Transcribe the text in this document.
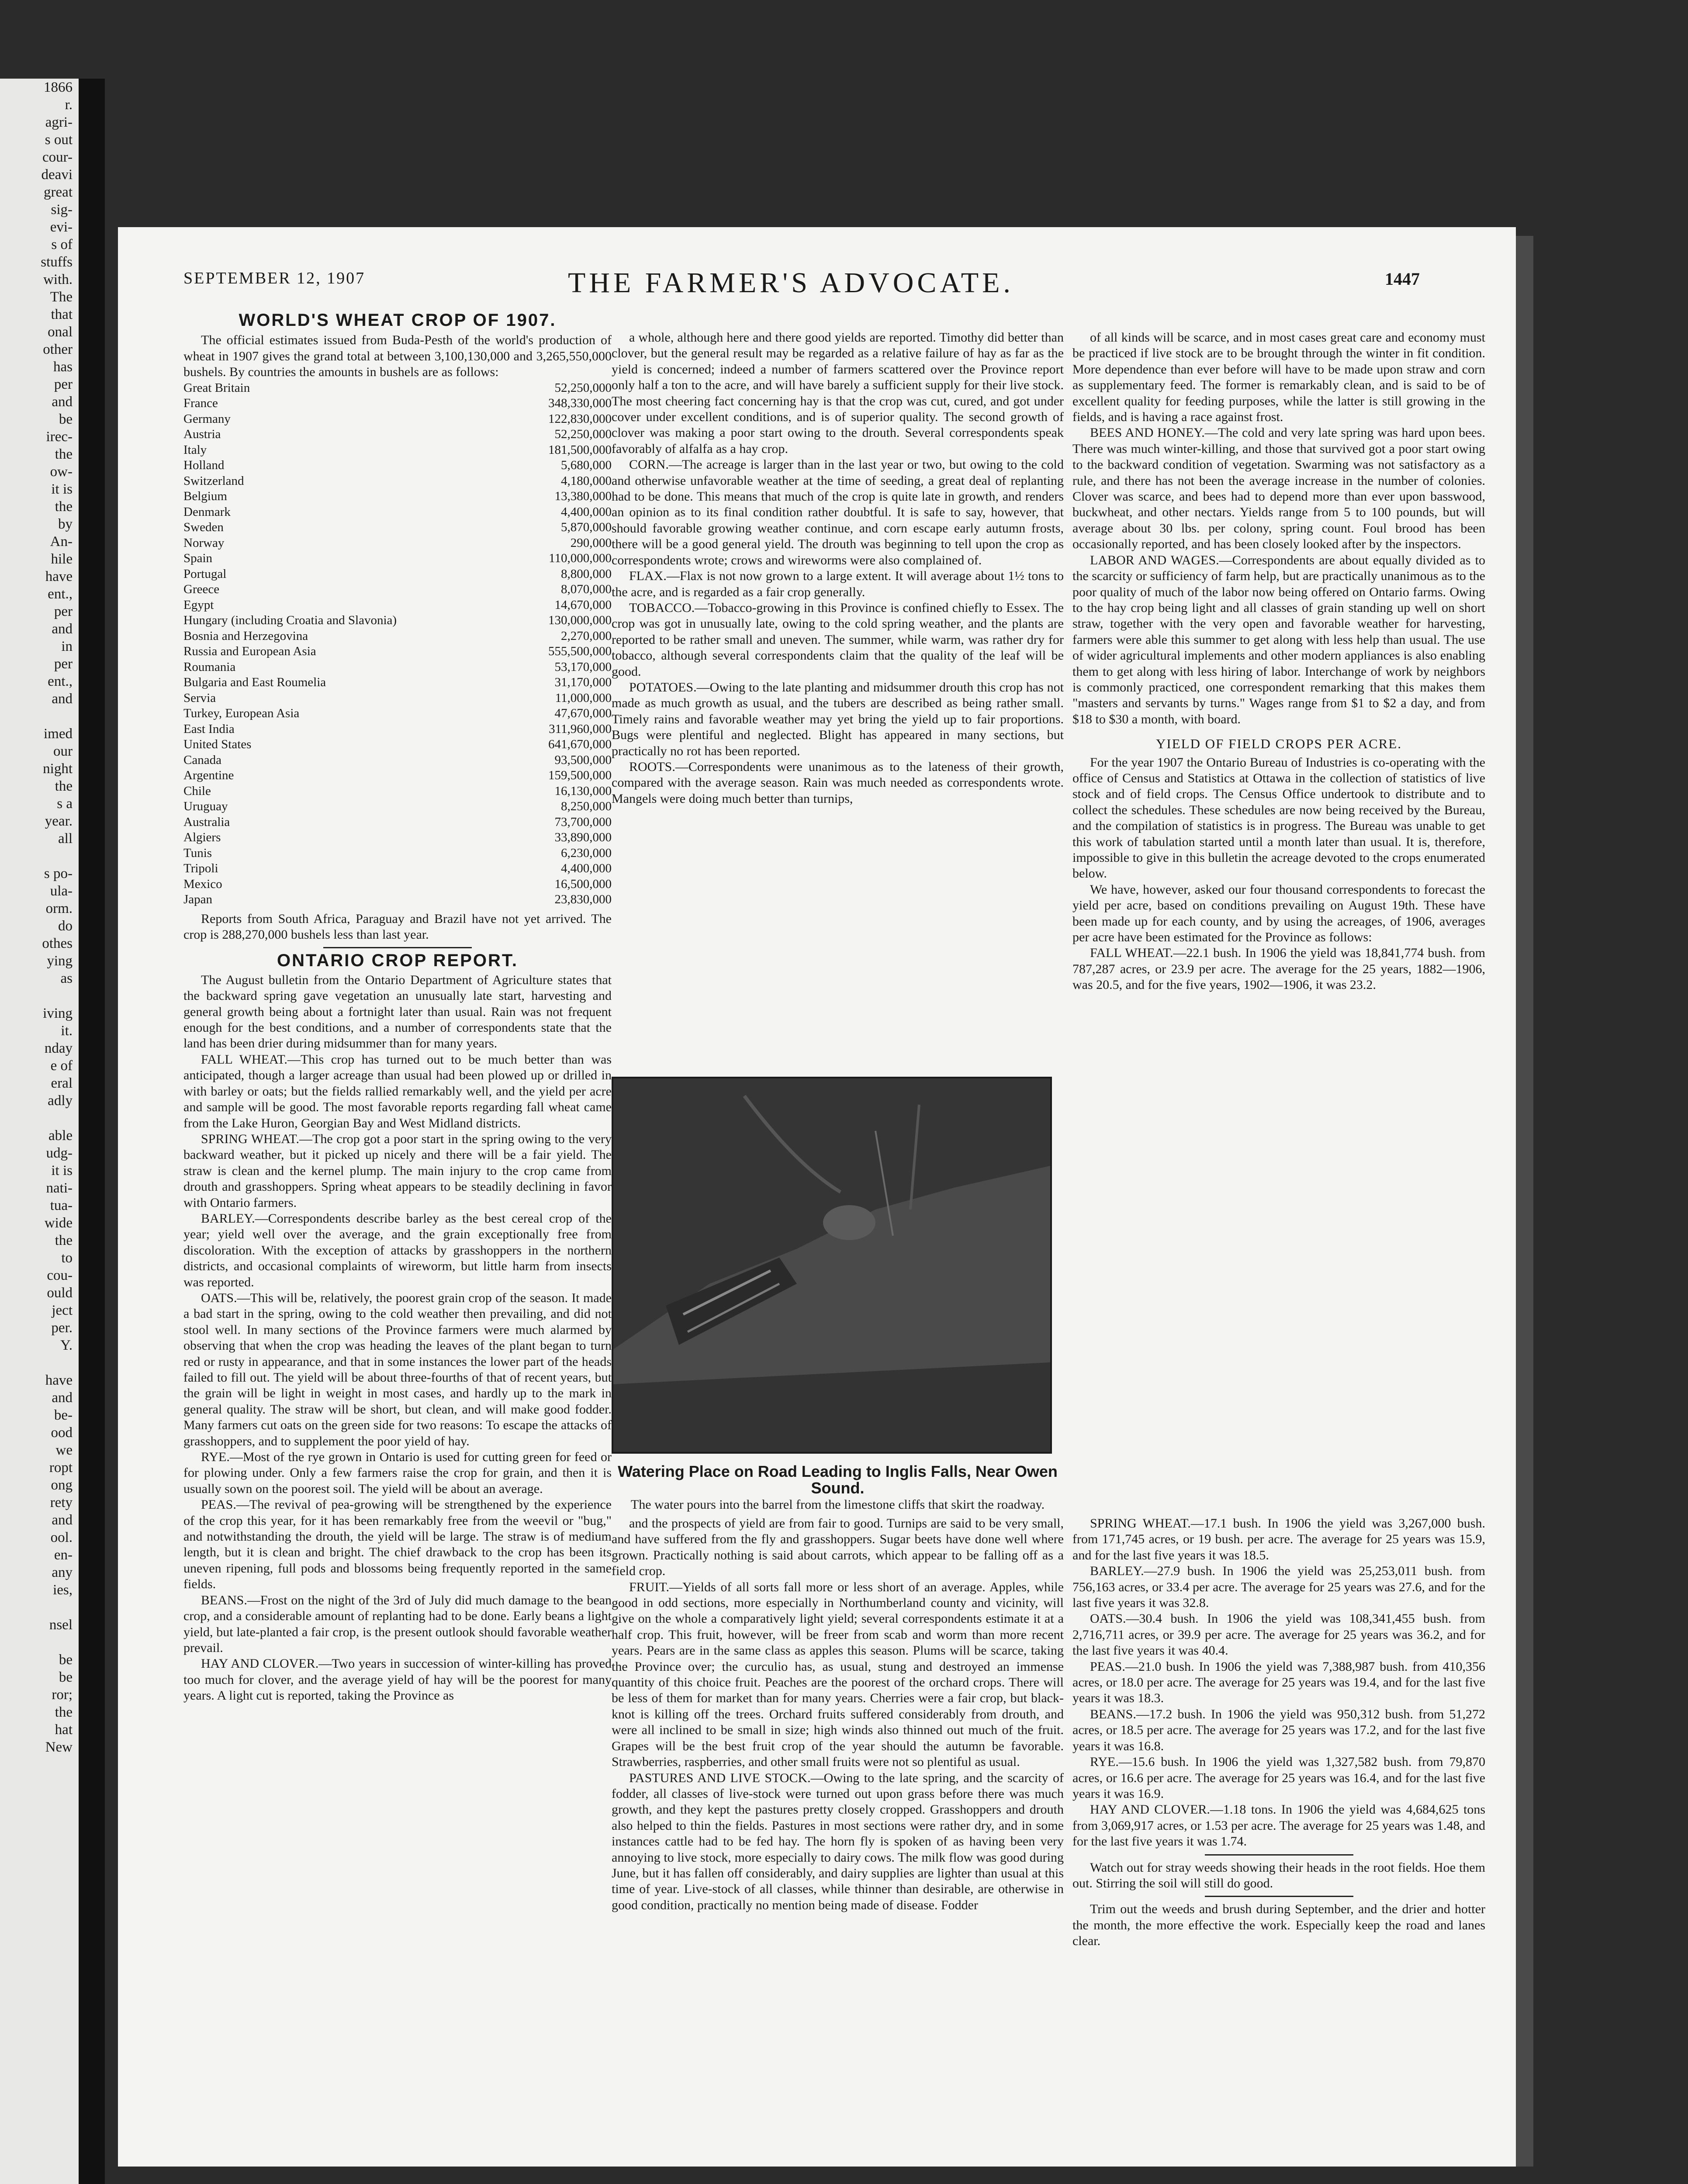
1866
r.
agri-
s out
cour-
deavi
great
sig-
evi-
s of
stuffs
with.
The
that
onal
other
has
per
and
be
irec-
the
ow-
it is
the
by
An-
hile
have
ent.,
per
and
in
per
ent.,
and
imed
our
night
the
s a
year.
all
s po-
ula-
orm.
do
othes
ying
as
iving
it.
nday
e of
eral
adly
able
udg-
it is
nati-
tua-
wide
the
to
cou-
ould
ject
per.
Y.
have
and
be-
ood
we
ropt
ong
rety
and
ool.
en-
any
ies,
nsel
be
be
ror;
the
hat
New
SEPTEMBER 12, 1907	THE FARMER'S ADVOCATE.	1447
WORLD'S WHEAT CROP OF 1907.

The official estimates issued from Buda-Pesth of the world's production of wheat in 1907 gives the grand total at between 3,100,130,000 and 3,265,550,000 bushels. By countries the amounts in bushels are as follows:

Great Britain	52,250,000
France	348,330,000
Germany	122,830,000
Austria	52,250,000
Italy	181,500,000
Holland	5,680,000
Switzerland	4,180,000
Belgium	13,380,000
Denmark	4,400,000
Sweden	5,870,000
Norway	290,000
Spain	110,000,000
Portugal	8,800,000
Greece	8,070,000
Egypt	14,670,000
Hungary (including Croatia and Slavonia)	130,000,000
Bosnia and Herzegovina	2,270,000
Russia and European Asia	555,500,000
Roumania	53,170,000
Bulgaria and East Roumelia	31,170,000
Servia	11,000,000
Turkey, European Asia	47,670,000
East India	311,960,000
United States	641,670,000
Canada	93,500,000
Argentine	159,500,000
Chile	16,130,000
Uruguay	8,250,000
Australia	73,700,000
Algiers	33,890,000
Tunis	6,230,000
Tripoli	4,400,000
Mexico	16,500,000
Japan	23,830,000

Reports from South Africa, Paraguay and Brazil have not yet arrived. The crop is 288,270,000 bushels less than last year.

ONTARIO CROP REPORT.

The August bulletin from the Ontario Department of Agriculture states that the backward spring gave vegetation an unusually late start, harvesting and general growth being about a fortnight later than usual. Rain was not frequent enough for the best conditions, and a number of correspondents state that the land has been drier during midsummer than for many years.

FALL WHEAT.—This crop has turned out to be much better than was anticipated, though a larger acreage than usual had been plowed up or drilled in with barley or oats; but the fields rallied remarkably well, and the yield per acre and sample will be good. The most favorable reports regarding fall wheat came from the Lake Huron, Georgian Bay and West Midland districts.

SPRING WHEAT.—The crop got a poor start in the spring owing to the very backward weather, but it picked up nicely and there will be a fair yield. The straw is clean and the kernel plump. The main injury to the crop came from drouth and grasshoppers. Spring wheat appears to be steadily declining in favor with Ontario farmers.

BARLEY.—Correspondents describe barley as the best cereal crop of the year; yield well over the average, and the grain exceptionally free from discoloration. With the exception of attacks by grasshoppers in the northern districts, and occasional complaints of wireworm, but little harm from insects was reported.

OATS.—This will be, relatively, the poorest grain crop of the season. It made a bad start in the spring, owing to the cold weather then prevailing, and did not stool well. In many sections of the Province farmers were much alarmed by observing that when the crop was heading the leaves of the plant began to turn red or rusty in appearance, and that in some instances the lower part of the heads failed to fill out. The yield will be about three-fourths of that of recent years, but the grain will be light in weight in most cases, and hardly up to the mark in general quality. The straw will be short, but clean, and will make good fodder. Many farmers cut oats on the green side for two reasons: To escape the attacks of grasshoppers, and to supplement the poor yield of hay.

RYE.—Most of the rye grown in Ontario is used for cutting green for feed or for plowing under. Only a few farmers raise the crop for grain, and then it is usually sown on the poorest soil. The yield will be about an average.

PEAS.—The revival of pea-growing will be strengthened by the experience of the crop this year, for it has been remarkably free from the weevil or "bug," and notwithstanding the drouth, the yield will be large. The straw is of medium length, but it is clean and bright. The chief drawback to the crop has been its uneven ripening, full pods and blossoms being frequently reported in the same fields.

BEANS.—Frost on the night of the 3rd of July did much damage to the bean crop, and a considerable amount of replanting had to be done. Early beans a light yield, but late-planted a fair crop, is the present outlook should favorable weather prevail.

HAY AND CLOVER.—Two years in succession of winter-killing has proved too much for clover, and the average yield of hay will be the poorest for many years. A light cut is reported, taking the Province as

a whole, although here and there good yields are reported. Timothy did better than clover, but the general result may be regarded as a relative failure of hay as far as the yield is concerned; indeed a number of farmers scattered over the Province report only half a ton to the acre, and will have barely a sufficient supply for their live stock. The most cheering fact concerning hay is that the crop was cut, cured, and got under cover under excellent conditions, and is of superior quality. The second growth of clover was making a poor start owing to the drouth. Several correspondents speak favorably of alfalfa as a hay crop.

CORN.—The acreage is larger than in the last year or two, but owing to the cold and otherwise unfavorable weather at the time of seeding, a great deal of replanting had to be done. This means that much of the crop is quite late in growth, and renders an opinion as to its final condition rather doubtful. It is safe to say, however, that should favorable growing weather continue, and corn escape early autumn frosts, there will be a good general yield. The drouth was beginning to tell upon the crop as correspondents wrote; crows and wireworms were also complained of.

FLAX.—Flax is not now grown to a large extent. It will average about 1½ tons to the acre, and is regarded as a fair crop generally.

TOBACCO.—Tobacco-growing in this Province is confined chiefly to Essex. The crop was got in unusually late, owing to the cold spring weather, and the plants are reported to be rather small and uneven. The summer, while warm, was rather dry for tobacco, although several correspondents claim that the quality of the leaf will be good.

POTATOES.—Owing to the late planting and midsummer drouth this crop has not made as much growth as usual, and the tubers are described as being rather small. Timely rains and favorable weather may yet bring the yield up to fair proportions. Bugs were plentiful and neglected. Blight has appeared in many sections, but practically no rot has been reported.

ROOTS.—Correspondents were unanimous as to the lateness of their growth, compared with the average season. Rain was much needed as correspondents wrote. Mangels were doing much better than turnips,

Watering Place on Road Leading to Inglis Falls, Near Owen Sound.
The water pours into the barrel from the limestone cliffs that skirt the roadway.

and the prospects of yield are from fair to good. Turnips are said to be very small, and have suffered from the fly and grasshoppers. Sugar beets have done well where grown. Practically nothing is said about carrots, which appear to be falling off as a field crop.

FRUIT.—Yields of all sorts fall more or less short of an average. Apples, while good in odd sections, more especially in Northumberland county and vicinity, will give on the whole a comparatively light yield; several correspondents estimate it at a half crop. This fruit, however, will be freer from scab and worm than more recent years. Pears are in the same class as apples this season. Plums will be scarce, taking the Province over; the curculio has, as usual, stung and destroyed an immense quantity of this choice fruit. Peaches are the poorest of the orchard crops. There will be less of them for market than for many years. Cherries were a fair crop, but black-knot is killing off the trees. Orchard fruits suffered considerably from drouth, and were all inclined to be small in size; high winds also thinned out much of the fruit. Grapes will be the best fruit crop of the year should the autumn be favorable. Strawberries, raspberries, and other small fruits were not so plentiful as usual.

PASTURES AND LIVE STOCK.—Owing to the late spring, and the scarcity of fodder, all classes of live-stock were turned out upon grass before there was much growth, and they kept the pastures pretty closely cropped. Grasshoppers and drouth also helped to thin the fields. Pastures in most sections were rather dry, and in some instances cattle had to be fed hay. The horn fly is spoken of as having been very annoying to live stock, more especially to dairy cows. The milk flow was good during June, but it has fallen off considerably, and dairy supplies are lighter than usual at this time of year. Live-stock of all classes, while thinner than desirable, are otherwise in good condition, practically no mention being made of disease. Fodder

of all kinds will be scarce, and in most cases great care and economy must be practiced if live stock are to be brought through the winter in fit condition. More dependence than ever before will have to be made upon straw and corn as supplementary feed. The former is remarkably clean, and is said to be of excellent quality for feeding purposes, while the latter is still growing in the fields, and is having a race against frost.

BEES AND HONEY.—The cold and very late spring was hard upon bees. There was much winter-killing, and those that survived got a poor start owing to the backward condition of vegetation. Swarming was not satisfactory as a rule, and there has not been the average increase in the number of colonies. Clover was scarce, and bees had to depend more than ever upon basswood, buckwheat, and other nectars. Yields range from 5 to 100 pounds, but will average about 30 lbs. per colony, spring count. Foul brood has been occasionally reported, and has been closely looked after by the inspectors.

LABOR AND WAGES.—Correspondents are about equally divided as to the scarcity or sufficiency of farm help, but are practically unanimous as to the poor quality of much of the labor now being offered on Ontario farms. Owing to the hay crop being light and all classes of grain standing up well on short straw, together with the very open and favorable weather for harvesting, farmers were able this summer to get along with less help than usual. The use of wider agricultural implements and other modern appliances is also enabling them to get along with less hiring of labor. Interchange of work by neighbors is commonly practiced, one correspondent remarking that this makes them "masters and servants by turns." Wages range from $1 to $2 a day, and from $18 to $30 a month, with board.

YIELD OF FIELD CROPS PER ACRE.

For the year 1907 the Ontario Bureau of Industries is co-operating with the office of Census and Statistics at Ottawa in the collection of statistics of live stock and of field crops. The Census Office undertook to distribute and to collect the schedules. These schedules are now being received by the Bureau, and the compilation of statistics is in progress. The Bureau was unable to get this work of tabulation started until a month later than usual. It is, therefore, impossible to give in this bulletin the acreage devoted to the crops enumerated below.

We have, however, asked our four thousand correspondents to forecast the yield per acre, based on conditions prevailing on August 19th. These have been made up for each county, and by using the acreages, of 1906, averages per acre have been estimated for the Province as follows:

FALL WHEAT.—22.1 bush. In 1906 the yield was 18,841,774 bush. from 787,287 acres, or 23.9 per acre. The average for the 25 years, 1882—1906, was 20.5, and for the five years, 1902—1906, it was 23.2.

SPRING WHEAT.—17.1 bush. In 1906 the yield was 3,267,000 bush. from 171,745 acres, or 19 bush. per acre. The average for 25 years was 15.9, and for the last five years it was 18.5.

BARLEY.—27.9 bush. In 1906 the yield was 25,253,011 bush. from 756,163 acres, or 33.4 per acre. The average for 25 years was 27.6, and for the last five years it was 32.8.

OATS.—30.4 bush. In 1906 the yield was 108,341,455 bush. from 2,716,711 acres, or 39.9 per acre. The average for 25 years was 36.2, and for the last five years it was 40.4.

PEAS.—21.0 bush. In 1906 the yield was 7,388,987 bush. from 410,356 acres, or 18.0 per acre. The average for 25 years was 19.4, and for the last five years it was 18.3.

BEANS.—17.2 bush. In 1906 the yield was 950,312 bush. from 51,272 acres, or 18.5 per acre. The average for 25 years was 17.2, and for the last five years it was 16.8.

RYE.—15.6 bush. In 1906 the yield was 1,327,582 bush. from 79,870 acres, or 16.6 per acre. The average for 25 years was 16.4, and for the last five years it was 16.9.

HAY AND CLOVER.—1.18 tons. In 1906 the yield was 4,684,625 tons from 3,069,917 acres, or 1.53 per acre. The average for 25 years was 1.48, and for the last five years it was 1.74.

Watch out for stray weeds showing their heads in the root fields. Hoe them out. Stirring the soil will still do good.

Trim out the weeds and brush during September, and the drier and hotter the month, the more effective the work. Especially keep the road and lanes clear.
